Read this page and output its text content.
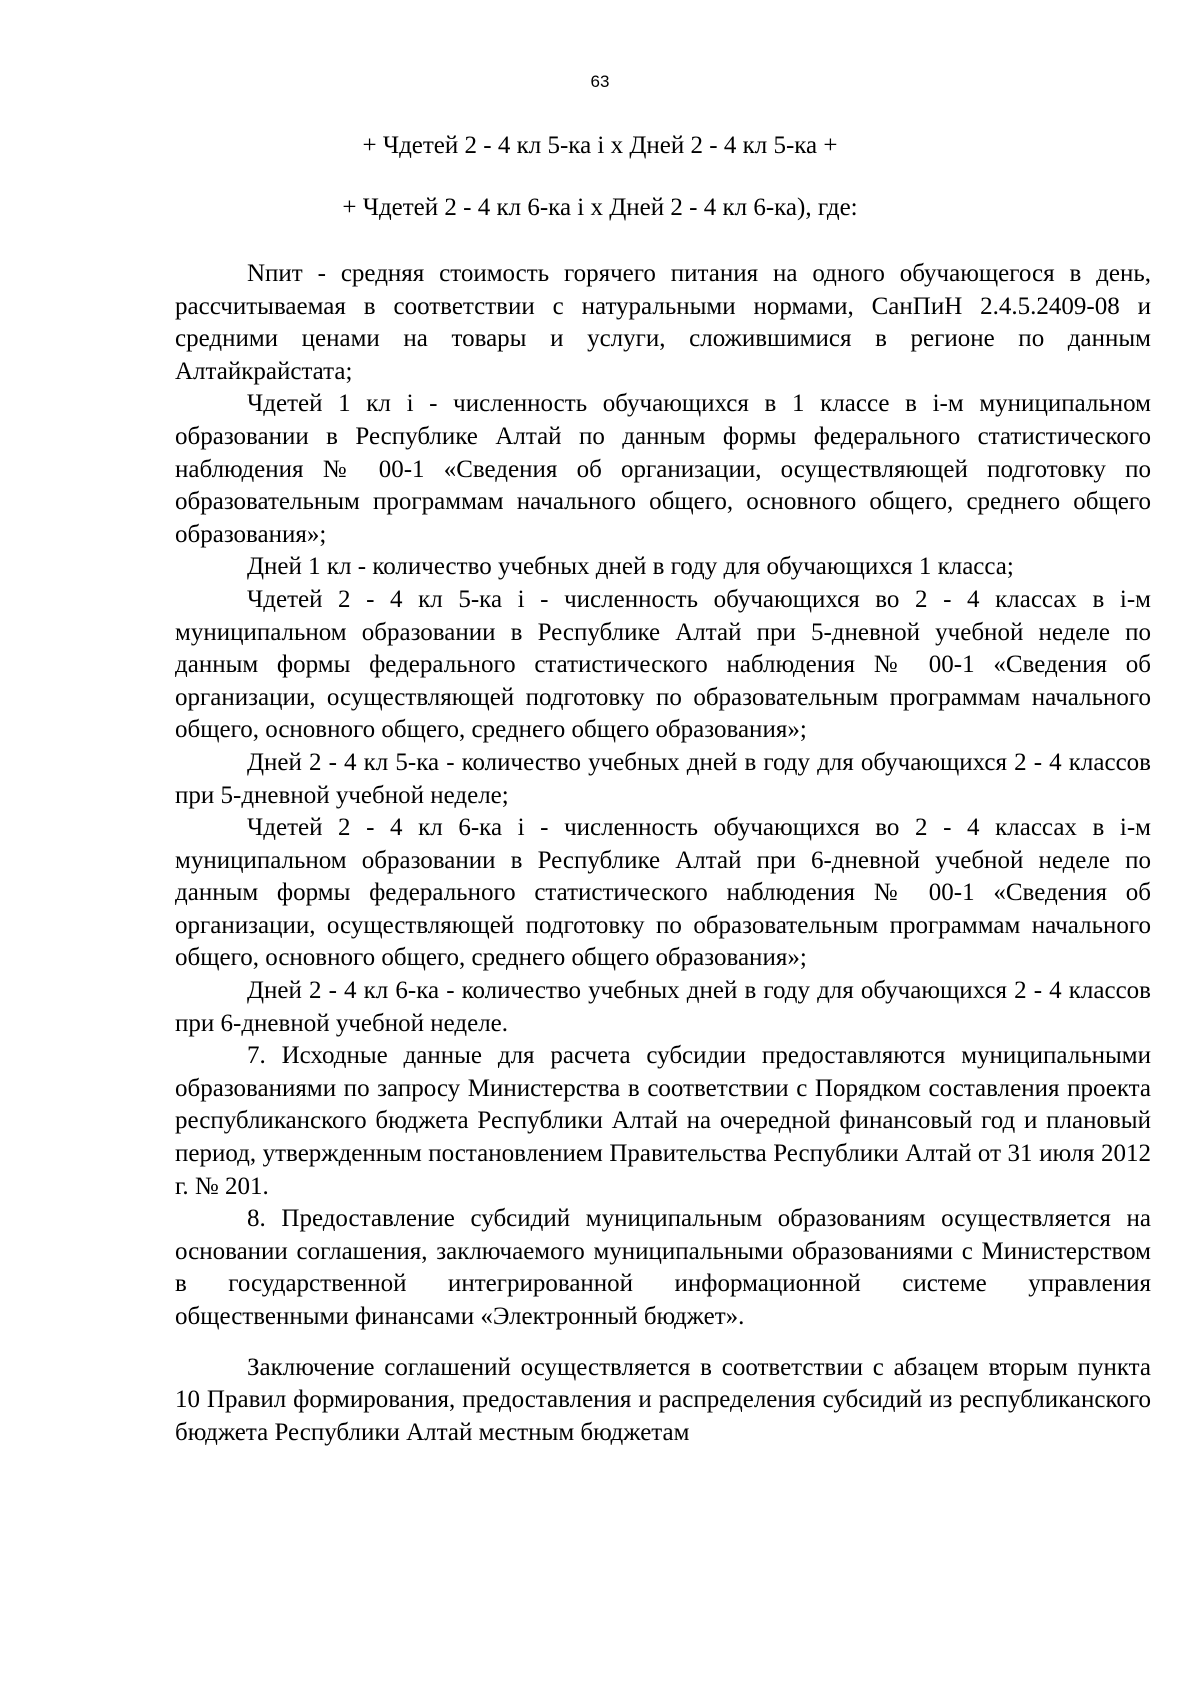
63
+ Чдетей 2 - 4 кл 5-ка i х Дней 2 - 4 кл 5-ка +
+ Чдетей 2 - 4 кл 6-ка i х Дней 2 - 4 кл 6-ка), где:

Nпит - средняя стоимость горячего питания на одного обучающегося в день, рассчитываемая в соответствии с натуральными нормами, СанПиН 2.4.5.2409-08 и средними ценами на товары и услуги, сложившимися в регионе по данным Алтайкрайстата;

Чдетей 1 кл i - численность обучающихся в 1 классе в i-м муниципальном образовании в Республике Алтай по данным формы федерального статистического наблюдения № 00-1 «Сведения об организации, осуществляющей подготовку по образовательным программам начального общего, основного общего, среднего общего образования»;

Дней 1 кл - количество учебных дней в году для обучающихся 1 класса;

Чдетей 2 - 4 кл 5-ка i - численность обучающихся во 2 - 4 классах в i-м муниципальном образовании в Республике Алтай при 5-дневной учебной неделе по данным формы федерального статистического наблюдения № 00-1 «Сведения об организации, осуществляющей подготовку по образовательным программам начального общего, основного общего, среднего общего образования»;

Дней 2 - 4 кл 5-ка - количество учебных дней в году для обучающихся 2 - 4 классов при 5-дневной учебной неделе;

Чдетей 2 - 4 кл 6-ка i - численность обучающихся во 2 - 4 классах в i-м муниципальном образовании в Республике Алтай при 6-дневной учебной неделе по данным формы федерального статистического наблюдения № 00-1 «Сведения об организации, осуществляющей подготовку по образовательным программам начального общего, основного общего, среднего общего образования»;

Дней 2 - 4 кл 6-ка - количество учебных дней в году для обучающихся 2 - 4 классов при 6-дневной учебной неделе.

7. Исходные данные для расчета субсидии предоставляются муниципальными образованиями по запросу Министерства в соответствии с Порядком составления проекта республиканского бюджета Республики Алтай на очередной финансовый год и плановый период, утвержденным постановлением Правительства Республики Алтай от 31 июля 2012 г. № 201.

8. Предоставление субсидий муниципальным образованиям осуществляется на основании соглашения, заключаемого муниципальными образованиями с Министерством в государственной интегрированной информационной системе управления общественными финансами «Электронный бюджет».

Заключение соглашений осуществляется в соответствии с абзацем вторым пункта 10 Правил формирования, предоставления и распределения субсидий из республиканского бюджета Республики Алтай местным бюджетам
